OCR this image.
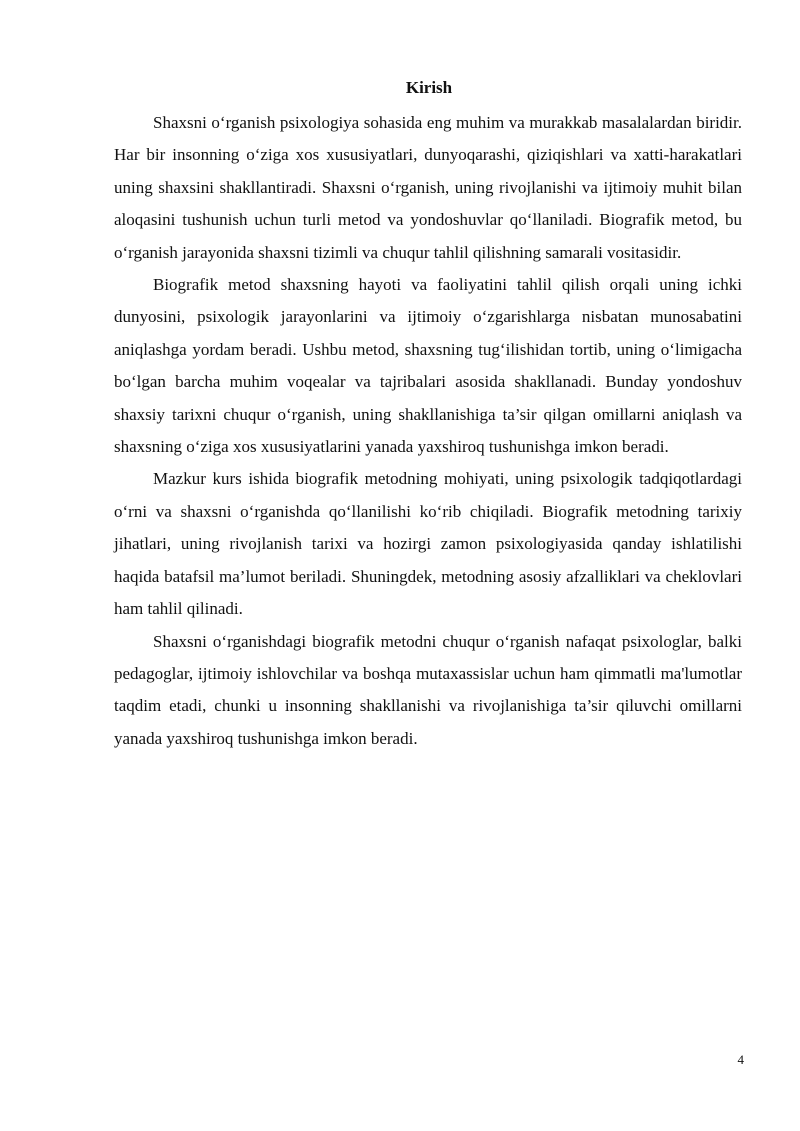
Kirish

Shaxsni o‘rganish psixologiya sohasida eng muhim va murakkab masalalardan biridir. Har bir insonning o‘ziga xos xususiyatlari, dunyoqarashi, qiziqishlari va xatti-harakatlari uning shaxsini shakllantiradi. Shaxsni o‘rganish, uning rivojlanishi va ijtimoiy muhit bilan aloqasini tushunish uchun turli metod va yondoshuvlar qo‘llaniladi. Biografik metod, bu o‘rganish jarayonida shaxsni tizimli va chuqur tahlil qilishning samarali vositasidir.

Biografik metod shaxsning hayoti va faoliyatini tahlil qilish orqali uning ichki dunyosini, psixologik jarayonlarini va ijtimoiy o‘zgarishlarga nisbatan munosabatini aniqlashga yordam beradi. Ushbu metod, shaxsning tug‘ilishidan tortib, uning o‘limigacha bo‘lgan barcha muhim voqealar va tajribalari asosida shakllanadi. Bunday yondoshuv shaxsiy tarixni chuqur o‘rganish, uning shakllanishiga ta’sir qilgan omillarni aniqlash va shaxsning o‘ziga xos xususiyatlarini yanada yaxshiroq tushunishga imkon beradi.

Mazkur kurs ishida biografik metodning mohiyati, uning psixologik tadqiqotlardagi o‘rni va shaxsni o‘rganishda qo‘llanilishi ko‘rib chiqiladi. Biografik metodning tarixiy jihatlari, uning rivojlanish tarixi va hozirgi zamon psixologiyasida qanday ishlatilishi haqida batafsil ma’lumot beriladi. Shuningdek, metodning asosiy afzalliklari va cheklovlari ham tahlil qilinadi.

Shaxsni o‘rganishdagi biografik metodni chuqur o‘rganish nafaqat psixologlar, balki pedagoglar, ijtimoiy ishlovchilar va boshqa mutaxassislar uchun ham qimmatli ma'lumotlar taqdim etadi, chunki u insonning shakllanishi va rivojlanishiga ta’sir qiluvchi omillarni yanada yaxshiroq tushunishga imkon beradi.

4
